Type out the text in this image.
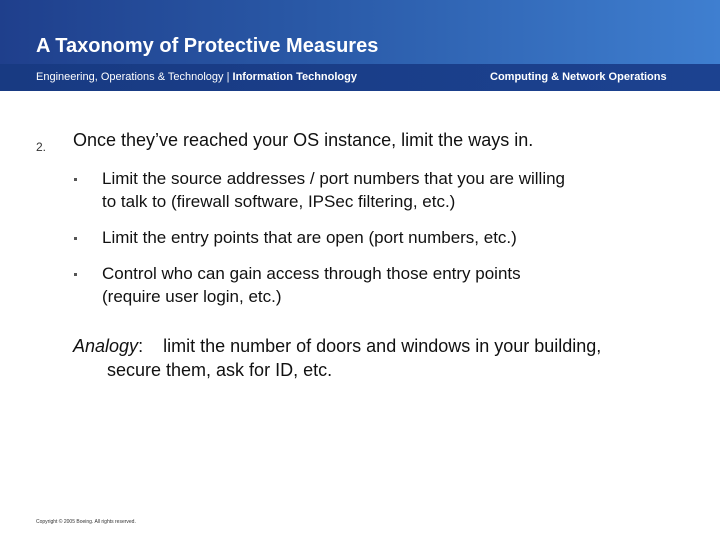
A Taxonomy of Protective Measures
Engineering, Operations & Technology | Information Technology	Computing & Network Operations
2. Once they’ve reached your OS instance, limit the ways in.
Limit the source addresses / port numbers that you are willing
to talk to (firewall software, IPSec filtering, etc.)
Limit the entry points that are open (port numbers, etc.)
Control who can gain access through those entry points
(require user login, etc.)
Analogy:    limit the number of doors and windows in your building,
secure them, ask for ID, etc.
Copyright © 2005 Boeing. All rights reserved.
